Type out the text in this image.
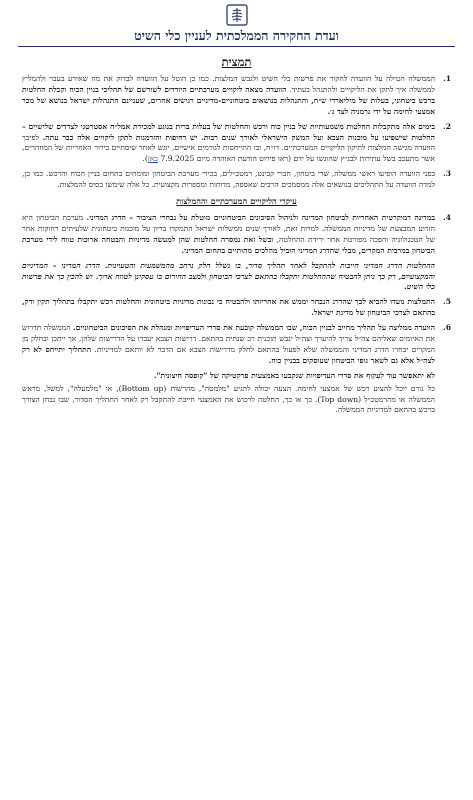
ועדת החקירה הממלכתית לעניין כלי השיט
תמצית
1.
הממשלה הטילה על הוועדה לחקור את פרשות כלי השיט ולגבש המלצות. כמו כן הוטל על הוועדה לבדוק את מה שאירע בעבר ולהמליץ לממשלה איך לתקן את הליקויים ולהתנהל בעתיד. הוועדה מצאה ליקויים מערכתיים היורדים לשורשם של תהליכי בניין הכוח וקבלת החלטות ברכש ביטחוני, בעלות של מיליארדי ש״ח, והתנהלות בנושאים ביטחוניים-מדיניים רגישים אחרים, שעניינם התנהלות ישראל בנושא של מכר אמצעי לחימה על ידי גרמניה לצד ג׳.
2.
בימים אלה מתקבלות החלטות משמעותיות של בניין כוח ורכש והחלטות של בעלות ברית בנוגע למכירת אמל״ח אסטרטגי לצדדים שלישיים – החלטות שישפיעו על מוכנות הצבא ועל המשק הישראלי לאורך שנים רבות. יש דחיפות והזדמנות לתקן ליקויים אלה כבר עתה. לפיכך הוועדה מגישה המלצות לתיקון הליקויים המערכתיים. דו״ח, ובו התייחסות לגורמים אישיים, יוגש לאחר שיסתיים בירור האחריות של המוזהרים, אשר מתעכב בשל עתירות לבג״ץ שהוגשו על ידם (ראו פירוט הודעת האוהדה מיום 7.9.2025 כאן).
3.
בפני הוועדה הופיעו ראשי ממשלה, שרי ביטחון, חברי קבינט, רמטכ״לים, בכירי מערכת הביטחון ומומחים בתחום בניין הכוח והרכש. כמו כן, למדה הוועדה על התהליכים בנושאים אלה ממסמכים הרבים שאספה, מדוחות ומספרות מקצועית. כל אלה שימשו בסיס להמלצות.
עיקרי הליקויים המערכתיים וההמלצות
4.
במדינה דמוקרטית האחריות לביטחון המדינה ולניהול הסיכונים הביטחוניים מוטלת על נבחרי הציבור – הדרג המדיני. מערכת הביטחון היא הזרוע המבצעת של מדיניות הממשלה. למרות זאת, לאורך שנים ממשלות ישראל התמקדו בדיון על מוכנות ביטחונית שלעיתים רחוקות אחר של הטכנולוגיה והפכה מפורטת אחר ירידת ההחלטה, ובשל זאת נמסרה החלטות שהן למעשה מדיניות והבטחה ארוכות טווח לידי מערכת הביטחון במרבית המקרים, מבלי שהדרג המדיני הוביל מהלכים מהותיים בתחום המדיני.
ההחלטות הדרג המדיני חייבות להתקבל לאחר תהליך סדור, בו נשלל חלק נרחב מהמשמעות והטעוינות. הדרג המדיני – המדיניים והמקצועיים, רק כך ניתן להבטיח שההחלטות יתקבלו בהתאם לצרכי הביטחון ולמצב החירום בו עסקינן לטווח ארוך. יש להכין כך את פרשות כלי השיט.
5.
התמלצות נועדו להביא לכך שהדרג הנבחר יממש את אחריותו ולהבטיח כי נבונות מדיניות ביטחונית והחלטות רכש יתקבלו בתהליך תקין ודק, בהתאם לצרכי הביטחון של מדינת ישראל.
6.
הוועדה ממליצה על תהליך מחייב לבניין הכוח, שבו הממשלה קובעת את סדרי העדיפויות ומנהלת את הסיכונים הביטחוניים. הממשלה תדרוש את האיומים שאליהם צה״ל צריך להיערך וצה״ל יגבש תוכנית רב שנתית בהתאם. דרישות הצבא יעברו על הדרישות שלהן, אך ייתכן ובחלק מן המקרים יבחרו הדרג המדיני והממשלה שלא לפעול בהתאם לחלק מדרישות הצבא אם הדבר לא יותאם למדיניות. התהליך יתייחס לא רק לצה״ל אלא גם לשאר גופי הביטחון שעוסקים בבניין כוח.
לא יתאפשר עוד לעקוף את סדרי העדיפויות שנקבעו באמצעות פרקטיקה של "קופסה חיצונית".
כל גורם יוכל להציע רכש של אמצעי לחימה. הצעה יכולה להגיע "מלמטה", מהרשות (Bottom up), או "מלמעלה", למשל, מראש הממשלה או מהרמטכ״ל (Top down). כך או כך, החלטה לרכוש את האמצעי חייבת להתקבל רק לאחר התהליך הסדור, שבו נבחן הצורך ברכש בהתאם למדיניות הממשלה.
